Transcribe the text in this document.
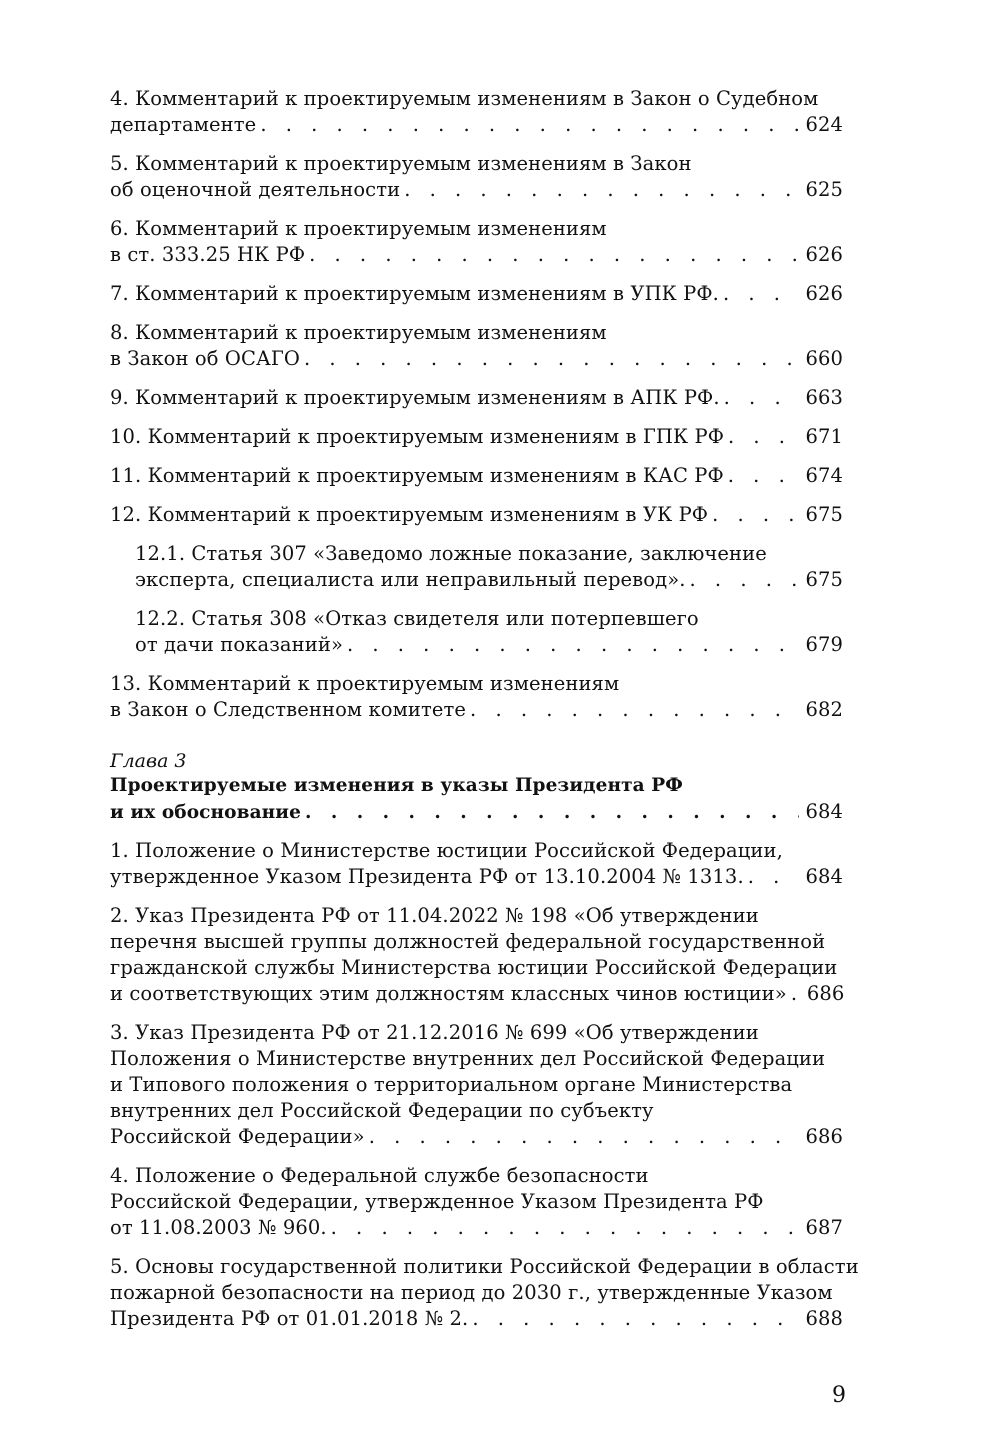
4. Комментарий к проектируемым изменениям в Закон о Судебном
департаменте . . .	624
5. Комментарий к проектируемым изменениям в Закон
об оценочной деятельности . . .	625
6. Комментарий к проектируемым изменениям
в ст. 333.25 НК РФ . . .	626
7. Комментарий к проектируемым изменениям в УПК РФ. . . .	626
8. Комментарий к проектируемым изменениям
в Закон об ОСАГО . . .	660
9. Комментарий к проектируемым изменениям в АПК РФ. . . .	663
10. Комментарий к проектируемым изменениям в ГПК РФ . . .	671
11. Комментарий к проектируемым изменениям в КАС РФ . . .	674
12. Комментарий к проектируемым изменениям в УК РФ . . .	675
12.1. Статья 307 «Заведомо ложные показание, заключение
эксперта, специалиста или неправильный перевод». . . .	675
12.2. Статья 308 «Отказ свидетеля или потерпевшего
от дачи показаний» . . .	679
13. Комментарий к проектируемым изменениям
в Закон о Следственном комитете . . .	682
Глава 3
Проектируемые изменения в указы Президента РФ
и их обоснование . . .	684
1. Положение о Министерстве юстиции Российской Федерации,
утвержденное Указом Президента РФ от 13.10.2004 № 1313. . . .	684
2. Указ Президента РФ от 11.04.2022 № 198 «Об утверждении
перечня высшей группы должностей федеральной государственной
гражданской службы Министерства юстиции Российской Федерации
и соответствующих этим должностям классных чинов юстиции» . . . 686
3. Указ Президента РФ от 21.12.2016 № 699 «Об утверждении
Положения о Министерстве внутренних дел Российской Федерации
и Типового положения о территориальном органе Министерства
внутренних дел Российской Федерации по субъекту
Российской Федерации» . . .	686
4. Положение о Федеральной службе безопасности
Российской Федерации, утвержденное Указом Президента РФ
от 11.08.2003 № 960. . . .	687
5. Основы государственной политики Российской Федерации в области
пожарной безопасности на период до 2030 г., утвержденные Указом
Президента РФ от 01.01.2018 № 2. . . .	688
9
